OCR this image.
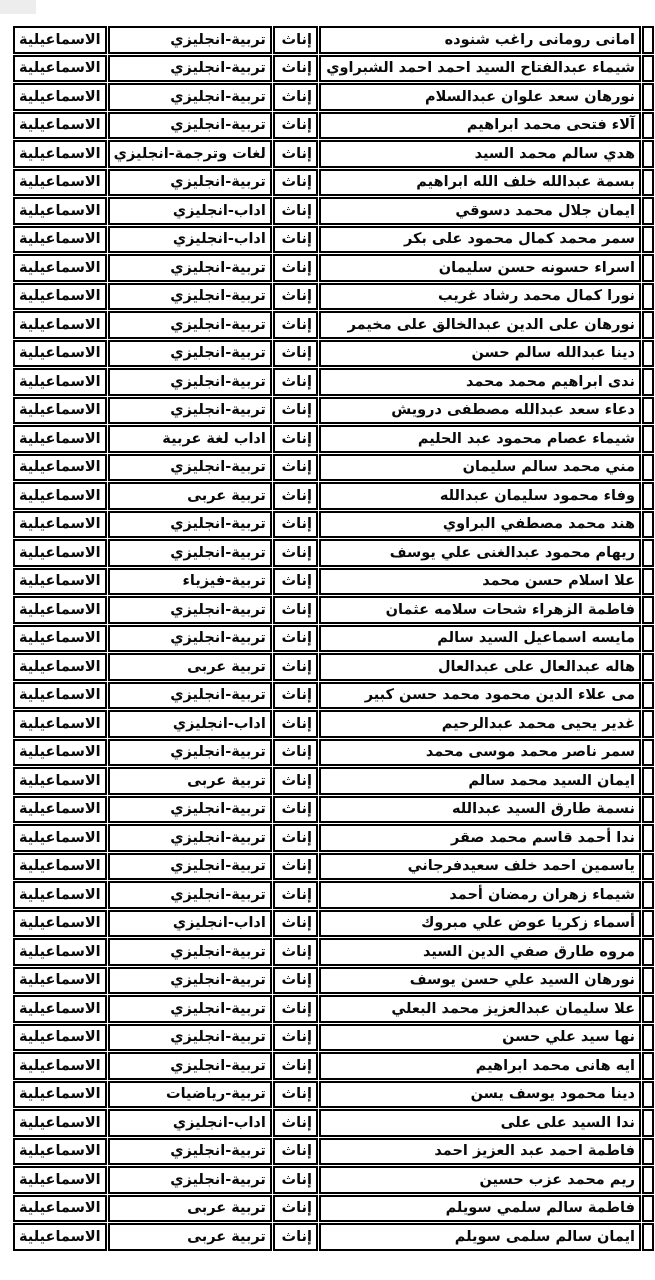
	امانى رومانى راغب شنوده	إناث	تربية-انجليزي	الاسماعيلية
	شيماء عبدالفتاح السيد احمد احمد الشبراوي	إناث	تربية-انجليزي	الاسماعيلية
	نورهان سعد علوان عبدالسلام	إناث	تربية-انجليزي	الاسماعيلية
	آلاء فتحى محمد ابراهيم	إناث	تربية-انجليزي	الاسماعيلية
	هدي سالم محمد السيد	إناث	لغات وترجمة-انجليزي	الاسماعيلية
	بسمة عبدالله خلف الله ابراهيم	إناث	تربية-انجليزي	الاسماعيلية
	ايمان جلال محمد دسوقي	إناث	اداب-انجليزي	الاسماعيلية
	سمر محمد كمال محمود على بكر	إناث	اداب-انجليزي	الاسماعيلية
	اسراء حسونه حسن سليمان	إناث	تربية-انجليزي	الاسماعيلية
	نورا كمال محمد رشاد غريب	إناث	تربية-انجليزي	الاسماعيلية
	نورهان على الدين عبدالخالق على مخيمر	إناث	تربية-انجليزي	الاسماعيلية
	دينا عبدالله سالم حسن	إناث	تربية-انجليزي	الاسماعيلية
	ندى ابراهيم محمد محمد	إناث	تربية-انجليزي	الاسماعيلية
	دعاء سعد عبدالله مصطفى درويش	إناث	تربية-انجليزي	الاسماعيلية
	شيماء عصام محمود عبد الحليم	إناث	اداب لغة عربية	الاسماعيلية
	مني محمد سالم سليمان	إناث	تربية-انجليزي	الاسماعيلية
	وفاء محمود سليمان عبدالله	إناث	تربية عربى	الاسماعيلية
	هند محمد مصطفي البراوي	إناث	تربية-انجليزي	الاسماعيلية
	ريهام محمود عبدالغنى علي يوسف	إناث	تربية-انجليزي	الاسماعيلية
	علا اسلام حسن محمد	إناث	تربية-فيزياء	الاسماعيلية
	فاطمة الزهراء شحات سلامه عثمان	إناث	تربية-انجليزي	الاسماعيلية
	مايسه اسماعيل السيد سالم	إناث	تربية-انجليزي	الاسماعيلية
	هاله عبدالعال على عبدالعال	إناث	تربية عربى	الاسماعيلية
	مى علاء الدين محمود محمد حسن كبير	إناث	تربية-انجليزي	الاسماعيلية
	غدير يحيى محمد عبدالرحيم	إناث	اداب-انجليزي	الاسماعيلية
	سمر ناصر محمد موسى محمد	إناث	تربية-انجليزي	الاسماعيلية
	ايمان السيد محمد سالم	إناث	تربية عربى	الاسماعيلية
	نسمة طارق السيد عبدالله	إناث	تربية-انجليزي	الاسماعيلية
	ندا أحمد قاسم محمد صقر	إناث	تربية-انجليزي	الاسماعيلية
	ياسمين احمد خلف سعيدفرجاني	إناث	تربية-انجليزي	الاسماعيلية
	شيماء زهران رمضان أحمد	إناث	تربية-انجليزي	الاسماعيلية
	أسماء زكريا عوض علي مبروك	إناث	اداب-انجليزي	الاسماعيلية
	مروه طارق صفي الدين السيد	إناث	تربية-انجليزي	الاسماعيلية
	نورهان السيد علي حسن يوسف	إناث	تربية-انجليزي	الاسماعيلية
	علا سليمان عبدالعزيز محمد البعلي	إناث	تربية-انجليزي	الاسماعيلية
	نها سيد علي حسن	إناث	تربية-انجليزي	الاسماعيلية
	ايه هانى محمد ابراهيم	إناث	تربية-انجليزي	الاسماعيلية
	دينا محمود يوسف يسن	إناث	تربية-رياضيات	الاسماعيلية
	ندا السيد على على	إناث	اداب-انجليزي	الاسماعيلية
	فاطمة احمد عبد العزيز احمد	إناث	تربية-انجليزي	الاسماعيلية
	ريم محمد عزب حسين	إناث	تربية-انجليزي	الاسماعيلية
	فاطمة سالم سلمي سويلم	إناث	تربية عربى	الاسماعيلية
	ايمان سالم سلمى سويلم	إناث	تربية عربى	الاسماعيلية
